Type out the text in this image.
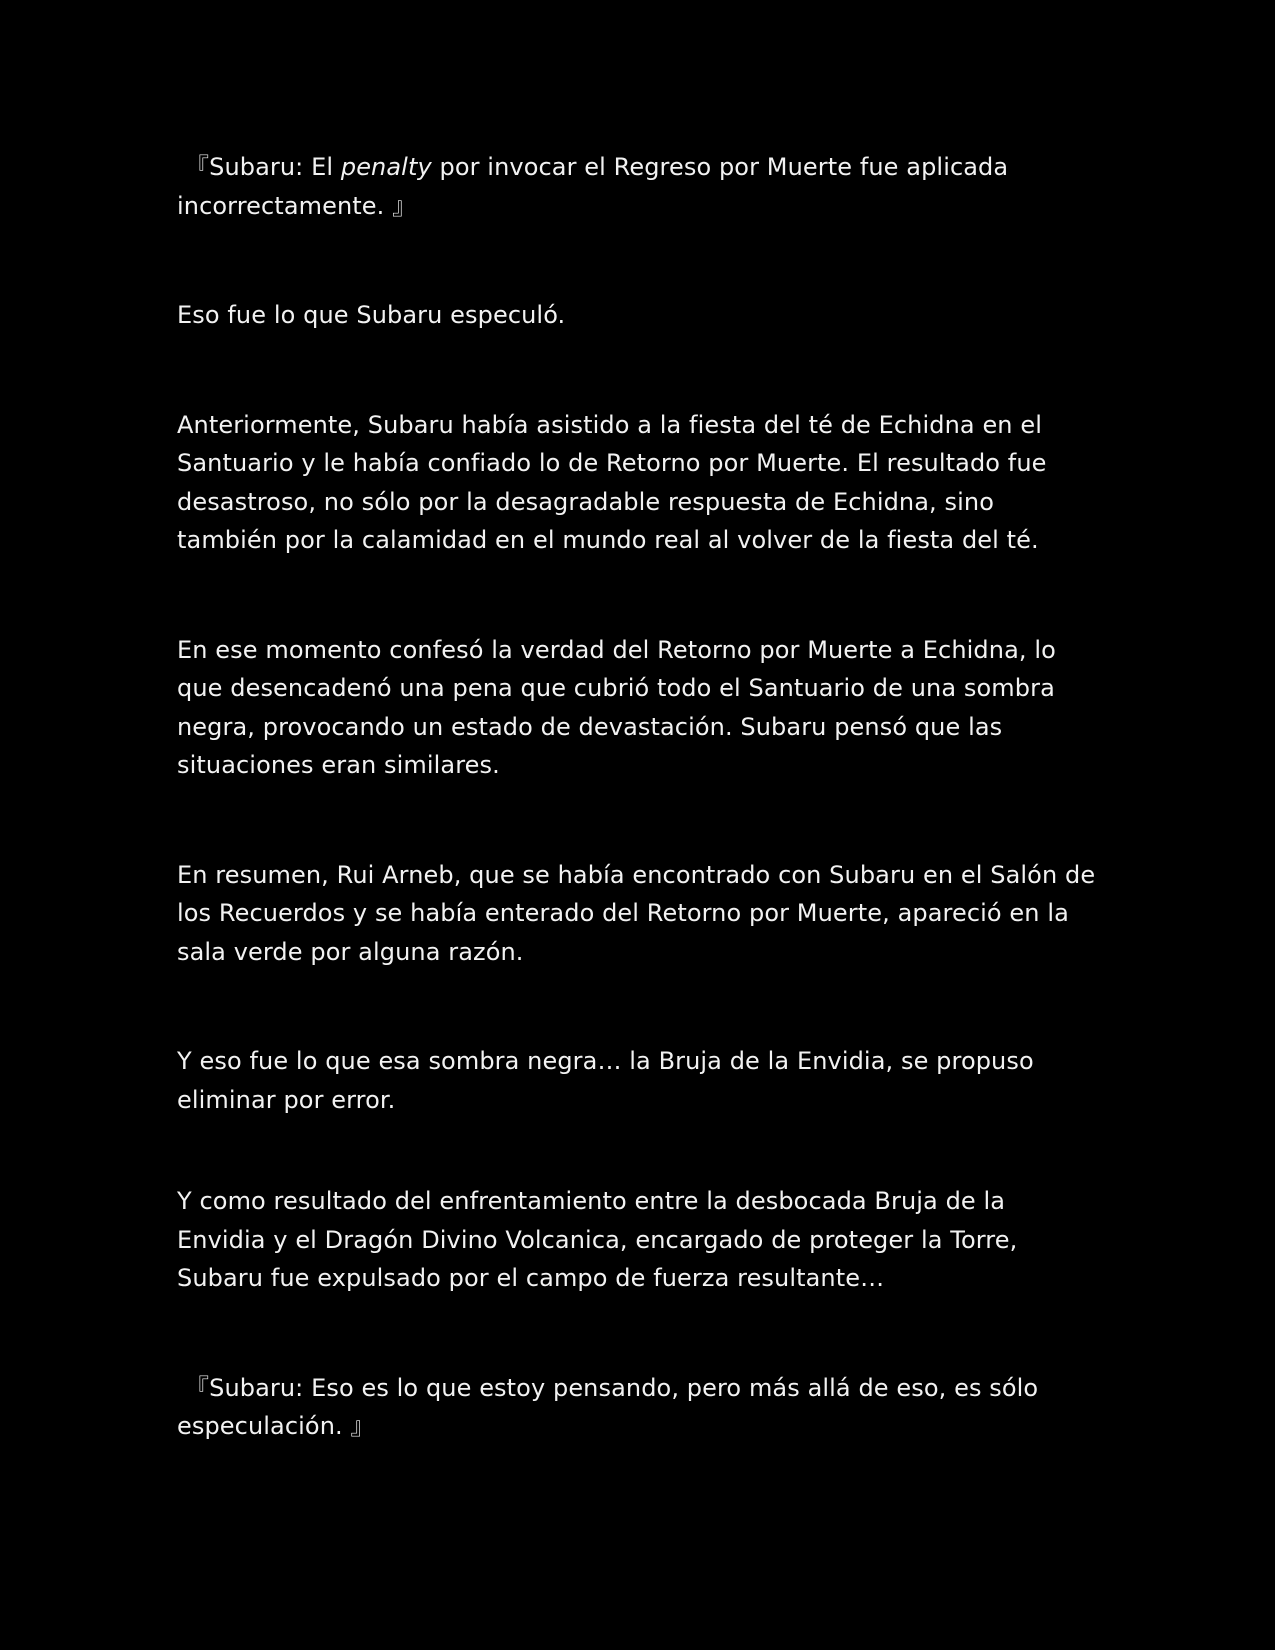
『Subaru: El penalty por invocar el Regreso por Muerte fue aplicada incorrectamente. 』

Eso fue lo que Subaru especuló.

Anteriormente, Subaru había asistido a la fiesta del té de Echidna en el Santuario y le había confiado lo de Retorno por Muerte. El resultado fue desastroso, no sólo por la desagradable respuesta de Echidna, sino también por la calamidad en el mundo real al volver de la fiesta del té.

En ese momento confesó la verdad del Retorno por Muerte a Echidna, lo que desencadenó una pena que cubrió todo el Santuario de una sombra negra, provocando un estado de devastación. Subaru pensó que las situaciones eran similares.

En resumen, Rui Arneb, que se había encontrado con Subaru en el Salón de los Recuerdos y se había enterado del Retorno por Muerte, apareció en la sala verde por alguna razón.

Y eso fue lo que esa sombra negra… la Bruja de la Envidia, se propuso eliminar por error.

Y como resultado del enfrentamiento entre la desbocada Bruja de la Envidia y el Dragón Divino Volcanica, encargado de proteger la Torre, Subaru fue expulsado por el campo de fuerza resultante…

『Subaru: Eso es lo que estoy pensando, pero más allá de eso, es sólo especulación. 』
